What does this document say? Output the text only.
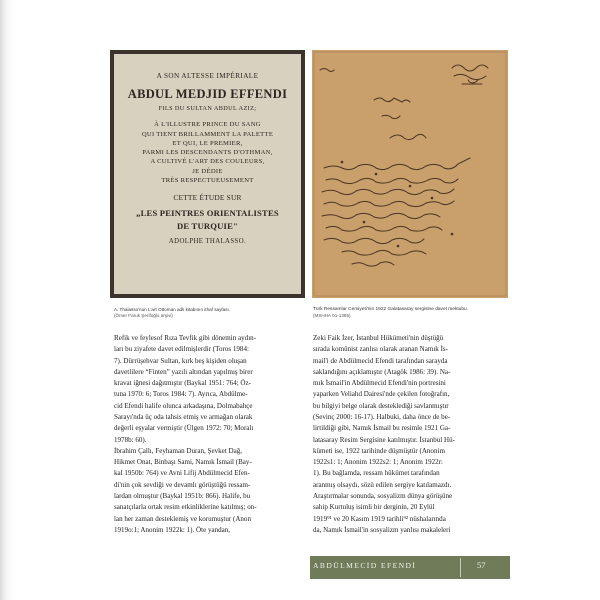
A SON ALTESSE IMPÉRIALE
ABDUL MEDJID EFFENDI
FILS DU SULTAN ABDUL AZIZ;
À L'ILLUSTRE PRINCE DU SANG
QUI TIENT BRILLAMMENT LA PALETTE
ET QUI, LE PREMIER,
PARMI LES DESCENDANTS D'OTHMAN,
A CULTIVÉ L'ART DES COULEURS,
JE DÉDIE
TRÈS RESPECTUEUSEMENT
CETTE ÉTUDE SUR
„LES PEINTRES ORIENTALISTES
DE TURQUIE"
ADOLPHE THALASSO.
A. Thalasso'nun L'art Ottoman adlı kitabının ithaf sayfası.
(Ömer Faruk Şerifoğlu arşivi)
Türk Ressamlar Cemiyeti'nin 1922 Galatasaray sergisine davet mektubu.
(MSHHA 01-1385)
Refik ve feylesof Rıza Tevfik gibi dönemin aydın-
ları bu ziyafete davet edilmişlerdir (Toros 1984:
7). Dürrüşehvar Sultan, kırk beş kişiden oluşan
davetlilere “Finten” yazılı altından yapılmış birer
kravat iğnesi dağıtmıştır (Baykal 1951: 764; Öz-
tuna 1970: 6; Toros 1984: 7). Ayrıca, Abdülme-
cid Efendi halife olunca arkadaşına, Dolmabahçe
Sarayı'nda üç oda tahsis etmiş ve armağan olarak
değerli eşyalar vermiştir (Ülgen 1972: 70; Moralı
1978b: 60).
İbrahim Çallı, Feyhaman Duran, Şevket Dağ,
Hikmet Onat, Binbaşı Sami, Namık İsmail (Bay-
kal 1950b: 764) ve Avni Lifij Abdülmecid Efen-
di'nin çok sevdiği ve devamlı görüştüğü ressam-
lardan olmuştur (Baykal 1951b: 866). Halife, bu
sanatçılarla ortak resim etkinliklerine katılmış; on-
lan her zaman desteklemiş ve korumuştur (Anon
1919o:1; Anonim 1922k: 1). Öte yandan,
Zeki Faik İzer, İstanbul Hükümeti'nin düştüğü
sırada komünist zanlısı olarak aranan Namık İs-
mail'i de Abdülmecid Efendi tarafından sarayda
saklandığını açıklamıştır (Atagök 1986: 39). Na-
mık İsmail'in Abdülmecid Efendi'nin portresini
yaparken Veliahd Dairesi'nde çekilen fotoğrafın,
bu bilgiyi belge olarak desteklediği savlanmıştır
(Sevinç 2000: 16-17). Halbuki, daha önce de be-
lirtildiği gibi, Namık İsmail bu resimle 1921 Ga-
latasaray Resim Sergisine katılmıştır. İstanbul Hü-
kümeti ise, 1922 tarihinde düşmüştür (Anonim
1922s1: 1; Anonim 1922s2: 1; Anonim 1922r:
1). Bu bağlamda, ressam hükümet tarafından
aranmış olsaydı, sözü edilen sergiye katılamazdı.
Araştırmalar sonunda, sosyalizm dünya görüşüne
sahip Kurtuluş isimli bir derginin, 20 Eylül
1919⁹¹ ve 20 Kasım 1919 tarihli⁹² nüshalarında
da, Namık İsmail'in sosyalizm yanlısı makaleleri
ABDÜLMECİD EFENDİ	57
